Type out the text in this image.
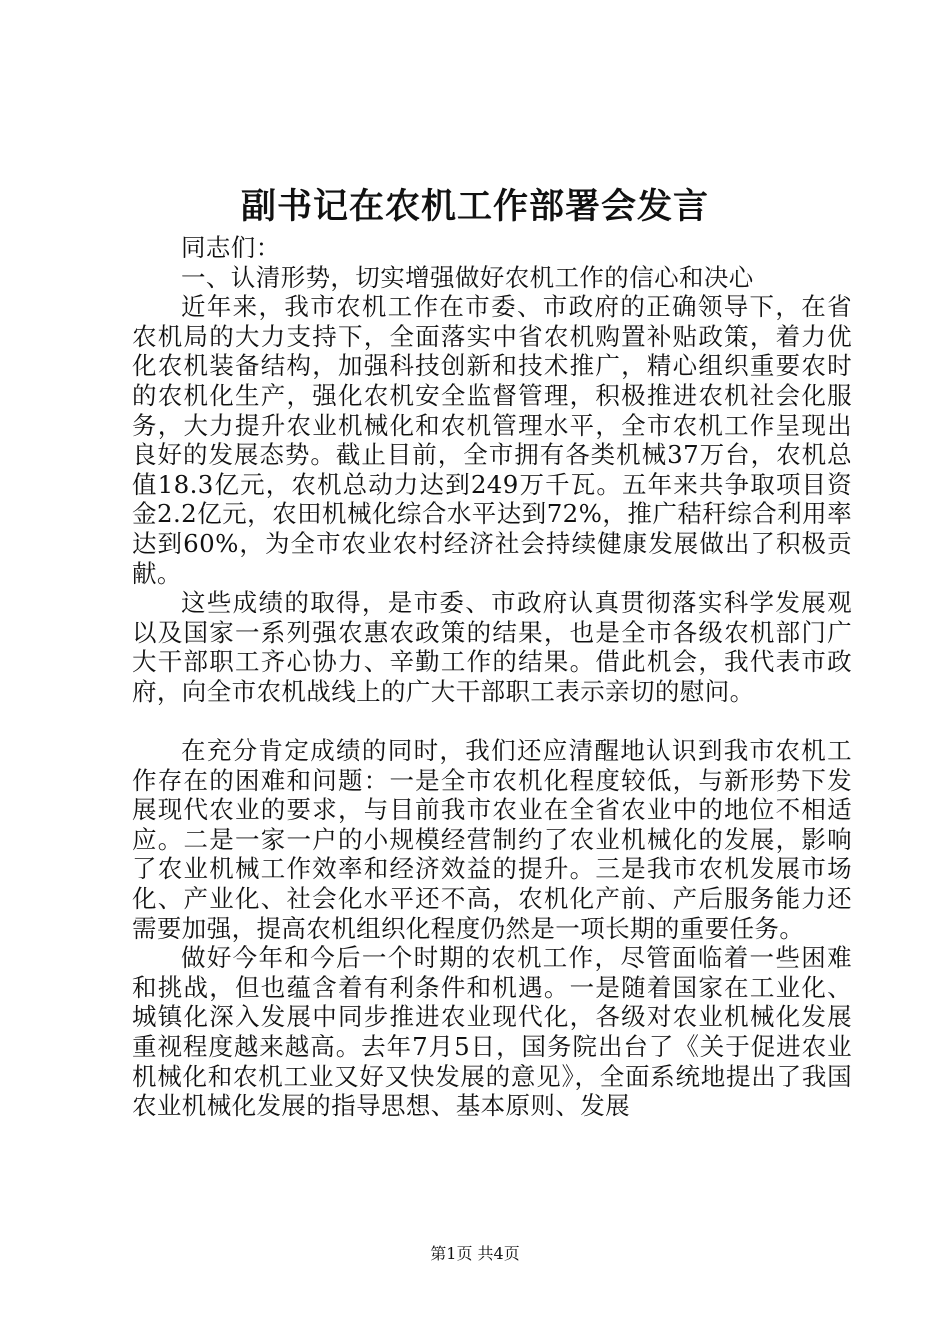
副书记在农机工作部署会发言

同志们：

一、认清形势，切实增强做好农机工作的信心和决心

近年来，我市农机工作在市委、市政府的正确领导下，在省农机局的大力支持下，全面落实中省农机购置补贴政策，着力优化农机装备结构，加强科技创新和技术推广，精心组织重要农时的农机化生产，强化农机安全监督管理，积极推进农机社会化服务，大力提升农业机械化和农机管理水平，全市农机工作呈现出良好的发展态势。截止目前，全市拥有各类机械37万台，农机总值18.3亿元，农机总动力达到249万千瓦。五年来共争取项目资金2.2亿元，农田机械化综合水平达到72%，推广秸秆综合利用率达到60%，为全市农业农村经济社会持续健康发展做出了积极贡献。

这些成绩的取得，是市委、市政府认真贯彻落实科学发展观以及国家一系列强农惠农政策的结果，也是全市各级农机部门广大干部职工齐心协力、辛勤工作的结果。借此机会，我代表市政府，向全市农机战线上的广大干部职工表示亲切的慰问。

在充分肯定成绩的同时，我们还应清醒地认识到我市农机工作存在的困难和问题：一是全市农机化程度较低，与新形势下发展现代农业的要求，与目前我市农业在全省农业中的地位不相适应。二是一家一户的小规模经营制约了农业机械化的发展，影响了农业机械工作效率和经济效益的提升。三是我市农机发展市场化、产业化、社会化水平还不高，农机化产前、产后服务能力还需要加强，提高农机组织化程度仍然是一项长期的重要任务。

做好今年和今后一个时期的农机工作，尽管面临着一些困难和挑战，但也蕴含着有利条件和机遇。一是随着国家在工业化、城镇化深入发展中同步推进农业现代化，各级对农业机械化发展重视程度越来越高。去年7月5日，国务院出台了《关于促进农业机械化和农机工业又好又快发展的意见》，全面系统地提出了我国农业机械化发展的指导思想、基本原则、发展

第1页 共4页
